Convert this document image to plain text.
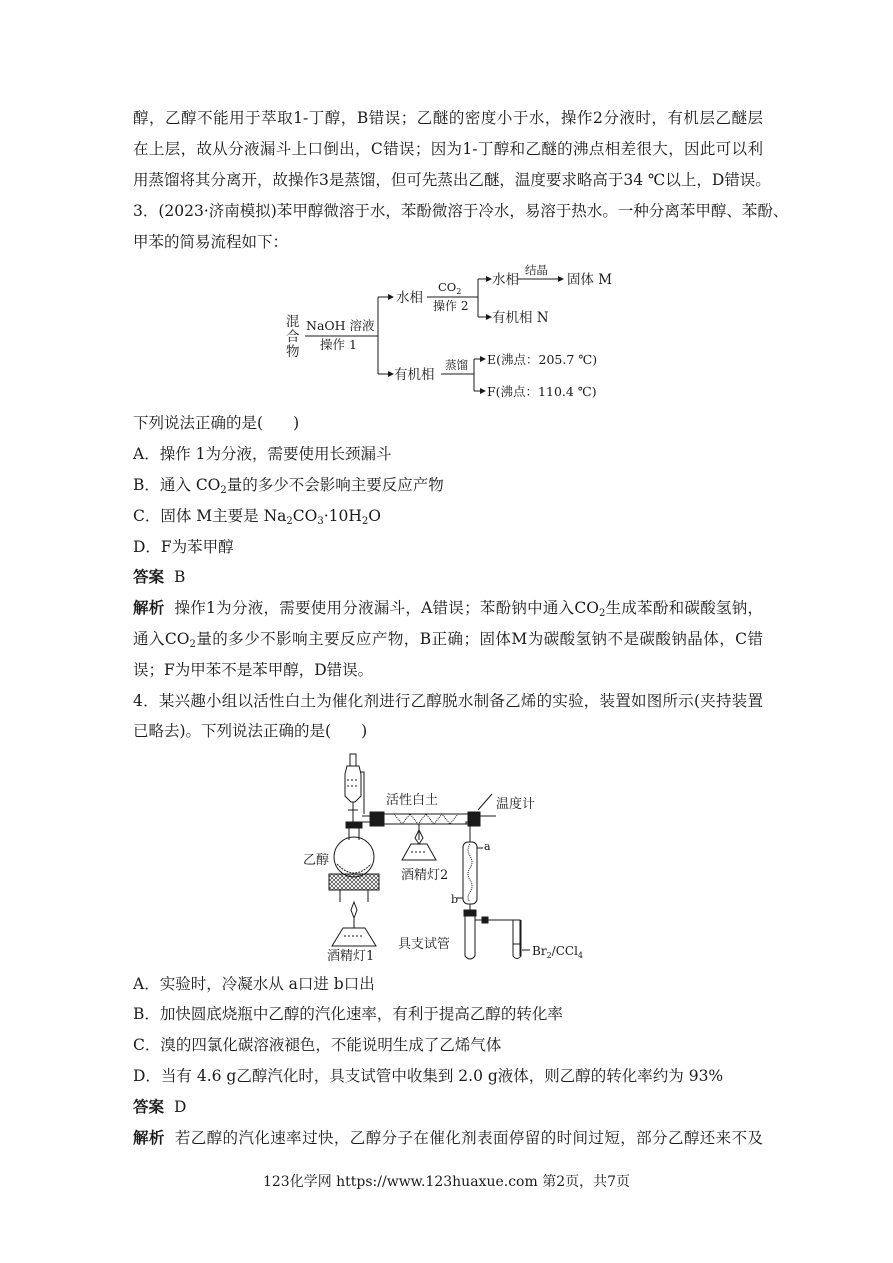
醇，乙醇不能用于萃取1-丁醇，B错误；乙醚的密度小于水，操作2分液时，有机层乙醚层
在上层，故从分液漏斗上口倒出，C错误；因为1-丁醇和乙醚的沸点相差很大，因此可以利
用蒸馏将其分离开，故操作3是蒸馏，但可先蒸出乙醚，温度要求略高于34 ℃以上，D错误。
3．(2023·济南模拟)苯甲醇微溶于水，苯酚微溶于冷水，易溶于热水。一种分离苯甲醇、苯酚、
甲苯的简易流程如下：
混
合
物
NaOH 溶液
操作 1
水相
$CO_2$
操作 2
水相
结晶
固体 M
有机相 N
有机相
蒸馏 E(沸点：205.7 ℃)
F(沸点：110.4 ℃)
下列说法正确的是( )
A．操作 1为分液，需要使用长颈漏斗
B．通入 $CO_2$量的多少不会影响主要反应产物
C．固体 M主要是 $Na_2CO_3\cdot 10H_2O$
D．F为苯甲醇
答案 B
解析 操作1为分液，需要使用分液漏斗，A错误；苯酚钠中通入$CO_2$生成苯酚和碳酸氢钠，
通入$CO_2$量的多少不影响主要反应产物，B正确；固体M为碳酸氢钠不是碳酸钠晶体，C错
误；F为甲苯不是苯甲醇，D错误。
4．某兴趣小组以活性白土为催化剂进行乙醇脱水制备乙烯的实验，装置如图所示(夹持装置
已略去)。下列说法正确的是( )
活性白土	温度计
乙醇
酒精灯2
酒精灯1
a
b
具支试管	$Br_2/CCl_4$
A．实验时，冷凝水从 a口进 b口出
B．加快圆底烧瓶中乙醇的汽化速率，有利于提高乙醇的转化率
C．溴的四氯化碳溶液褪色，不能说明生成了乙烯气体
D．当有 4.6 g乙醇汽化时，具支试管中收集到 2.0 g液体，则乙醇的转化率约为 93%
答案 D
解析 若乙醇的汽化速率过快，乙醇分子在催化剂表面停留的时间过短，部分乙醇还来不及
123化学网 https://www.123huaxue.com 第2页，共7页
